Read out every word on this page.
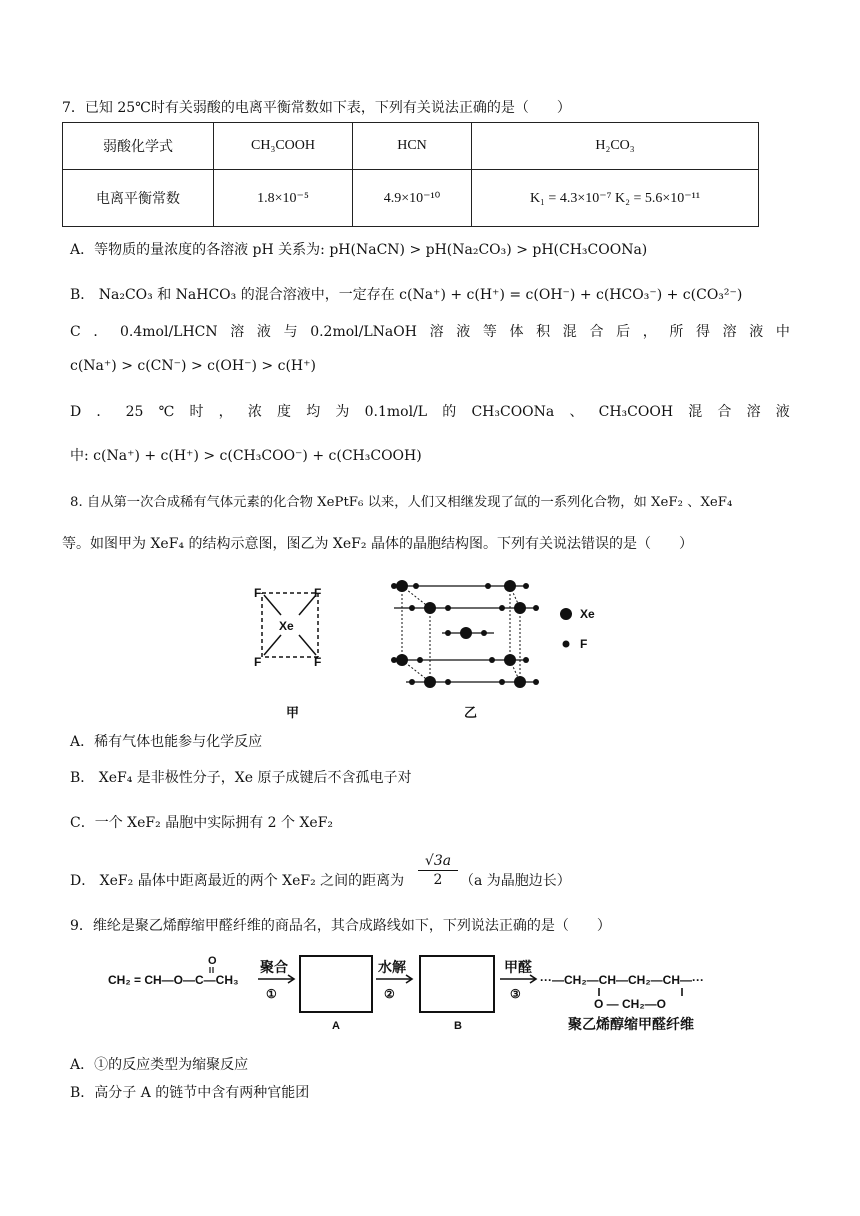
7．已知 25℃时有关弱酸的电离平衡常数如下表，下列有关说法正确的是（　　）
弱酸化学式	CH₃COOH	HCN	H₂CO₃
电离平衡常数	1.8×10⁻⁵	4.9×10⁻¹⁰	K₁ = 4.3×10⁻⁷ K₂ = 5.6×10⁻¹¹
A．等物质的量浓度的各溶液 pH 关系为: pH(NaCN) > pH(Na₂CO₃) > pH(CH₃COONa)
B． Na₂CO₃ 和 NaHCO₃ 的混合溶液中，一定存在 c(Na⁺) + c(H⁺) = c(OH⁻) + c(HCO₃⁻) + c(CO₃²⁻)
C ． 0.4mol/LHCN 溶 液 与 0.2mol/LNaOH 溶 液 等 体 积 混 合 后 ， 所 得 溶 液 中
c(Na⁺) > c(CN⁻) > c(OH⁻) > c(H⁺)
D ． 25 ℃ 时 ， 浓 度 均 为 0.1mol/L 的 CH₃COONa 、 CH₃COOH 混 合 溶 液
中: c(Na⁺) + c(H⁺) > c(CH₃COO⁻) + c(CH₃COOH)
8. 自从第一次合成稀有气体元素的化合物 XePtF₆ 以来，人们又相继发现了氙的一系列化合物，如 XeF₂ 、XeF₄
等。如图甲为 XeF₄ 的结构示意图，图乙为 XeF₂ 晶体的晶胞结构图。下列有关说法错误的是（　　）
F	F
F	F
Xe
甲
Xe
F
乙
A．稀有气体也能参与化学反应
B． XeF₄ 是非极性分子，Xe 原子成键后不含孤电子对
C．一个 XeF₂ 晶胞中实际拥有 2 个 XeF₂
D． XeF₂ 晶体中距离最近的两个 XeF₂ 之间的距离为 $\frac{√3a}{2} (a$ 为晶胞边长）
9．维纶是聚乙烯醇缩甲醛纤维的商品名，其合成路线如下，下列说法正确的是（　　）
CH₂ = CH—O—C—CH₃
O	聚合
①
水解
②
甲醛
③
A	B
···—CH₂—CH—CH₂—CH—···
O — CH₂—O
聚乙烯醇缩甲醛纤维
A．①的反应类型为缩聚反应
B．高分子 A 的链节中含有两种官能团
